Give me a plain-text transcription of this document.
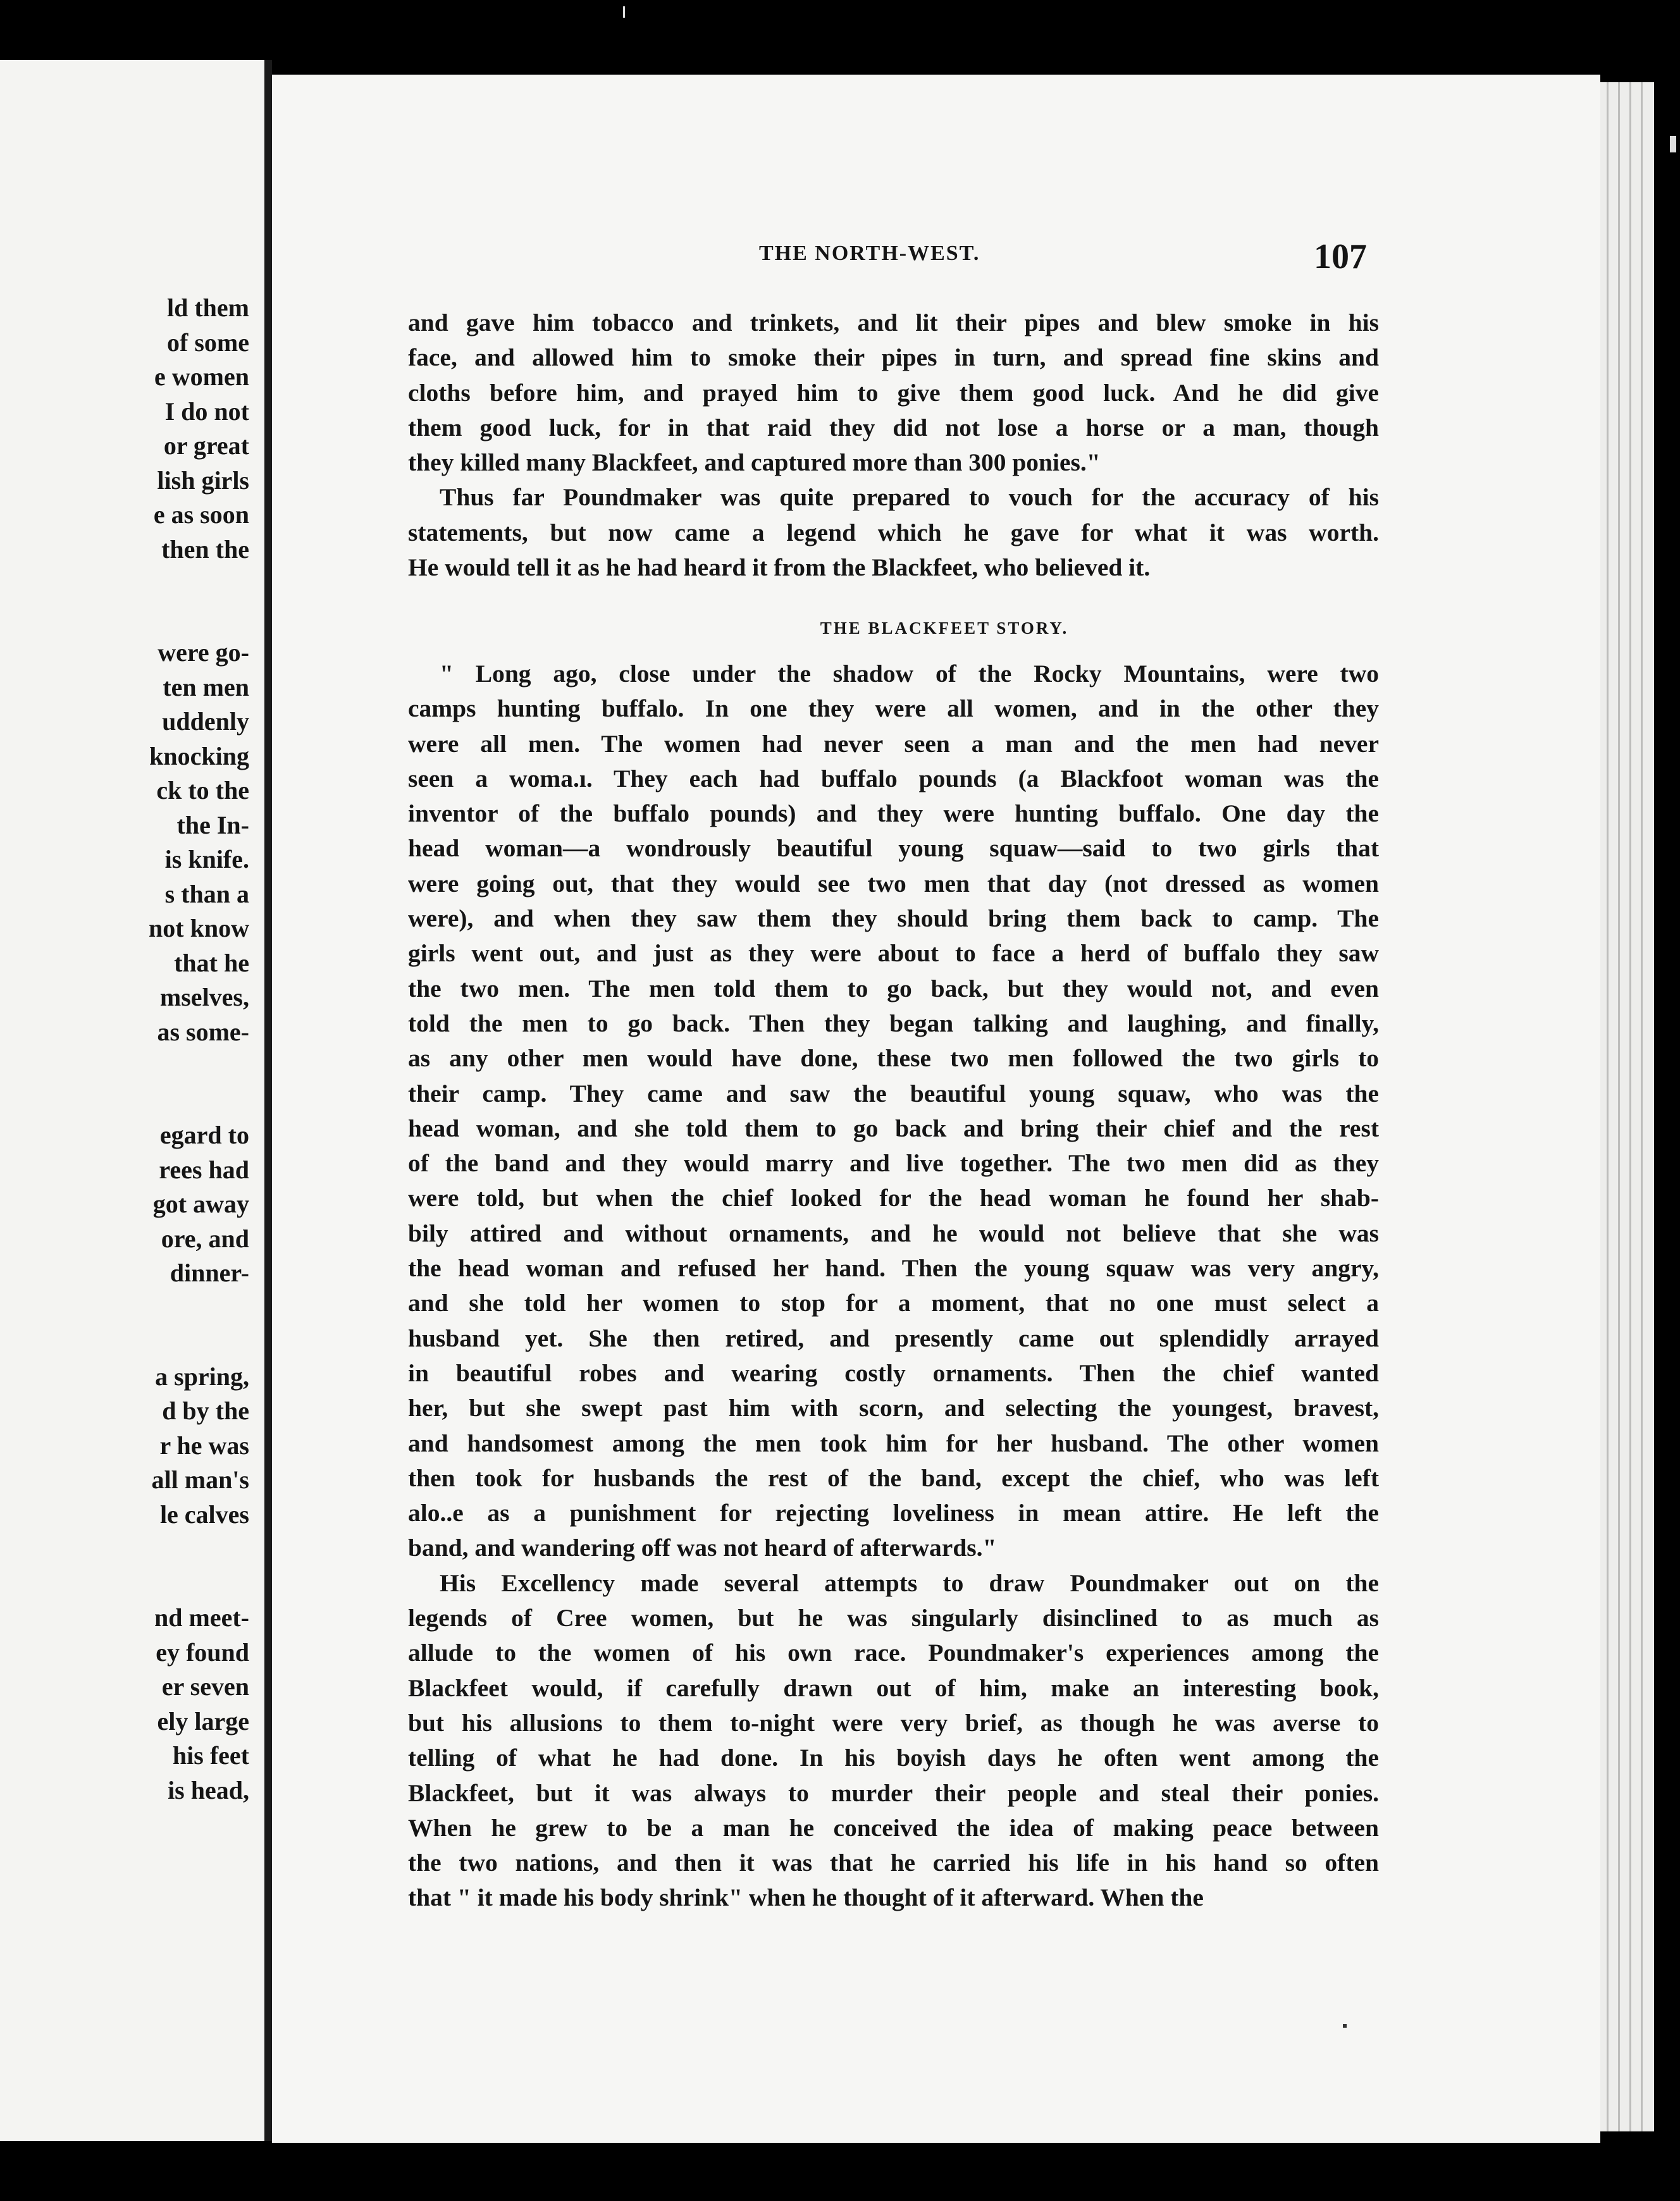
ld them
of some
e women
I do not
or great
lish girls
e as soon
then the
were go-
ten men
uddenly
knocking
ck to the
the In-
is knife.
s than a
not know
that he
mselves,
as some-
egard to
rees had
got away
ore, and
dinner-
a spring,
d by the
r he was
all man's
le calves
nd meet-
ey found
er seven
ely large
his feet
is head,
THE NORTH-WEST.	107
and gave him tobacco and trinkets, and lit their pipes and blew smoke in his
face, and allowed him to smoke their pipes in turn, and spread fine skins and
cloths before him, and prayed him to give them good luck. And he did give
them good luck, for in that raid they did not lose a horse or a man, though
they killed many Blackfeet, and captured more than 300 ponies."
Thus far Poundmaker was quite prepared to vouch for the accuracy of his
statements, but now came a legend which he gave for what it was worth.
He would tell it as he had heard it from the Blackfeet, who believed it.
THE BLACKFEET STORY.
" Long ago, close under the shadow of the Rocky Mountains, were two
camps hunting buffalo. In one they were all women, and in the other they
were all men. The women had never seen a man and the men had never
seen a woma.ı. They each had buffalo pounds (a Blackfoot woman was the
inventor of the buffalo pounds) and they were hunting buffalo. One day the
head woman—a wondrously beautiful young squaw—said to two girls that
were going out, that they would see two men that day (not dressed as women
were), and when they saw them they should bring them back to camp. The
girls went out, and just as they were about to face a herd of buffalo they saw
the two men. The men told them to go back, but they would not, and even
told the men to go back. Then they began talking and laughing, and finally,
as any other men would have done, these two men followed the two girls to
their camp. They came and saw the beautiful young squaw, who was the
head woman, and she told them to go back and bring their chief and the rest
of the band and they would marry and live together. The two men did as they
were told, but when the chief looked for the head woman he found her shab-
bily attired and without ornaments, and he would not believe that she was
the head woman and refused her hand. Then the young squaw was very angry,
and she told her women to stop for a moment, that no one must select a
husband yet. She then retired, and presently came out splendidly arrayed
in beautiful robes and wearing costly ornaments. Then the chief wanted
her, but she swept past him with scorn, and selecting the youngest, bravest,
and handsomest among the men took him for her husband. The other women
then took for husbands the rest of the band, except the chief, who was left
alo..e as a punishment for rejecting loveliness in mean attire. He left the
band, and wandering off was not heard of afterwards."
His Excellency made several attempts to draw Poundmaker out on the
legends of Cree women, but he was singularly disinclined to as much as
allude to the women of his own race. Poundmaker's experiences among the
Blackfeet would, if carefully drawn out of him, make an interesting book,
but his allusions to them to-night were very brief, as though he was averse to
telling of what he had done. In his boyish days he often went among the
Blackfeet, but it was always to murder their people and steal their ponies.
When he grew to be a man he conceived the idea of making peace between
the two nations, and then it was that he carried his life in his hand so often
that " it made his body shrink" when he thought of it afterward. When the
